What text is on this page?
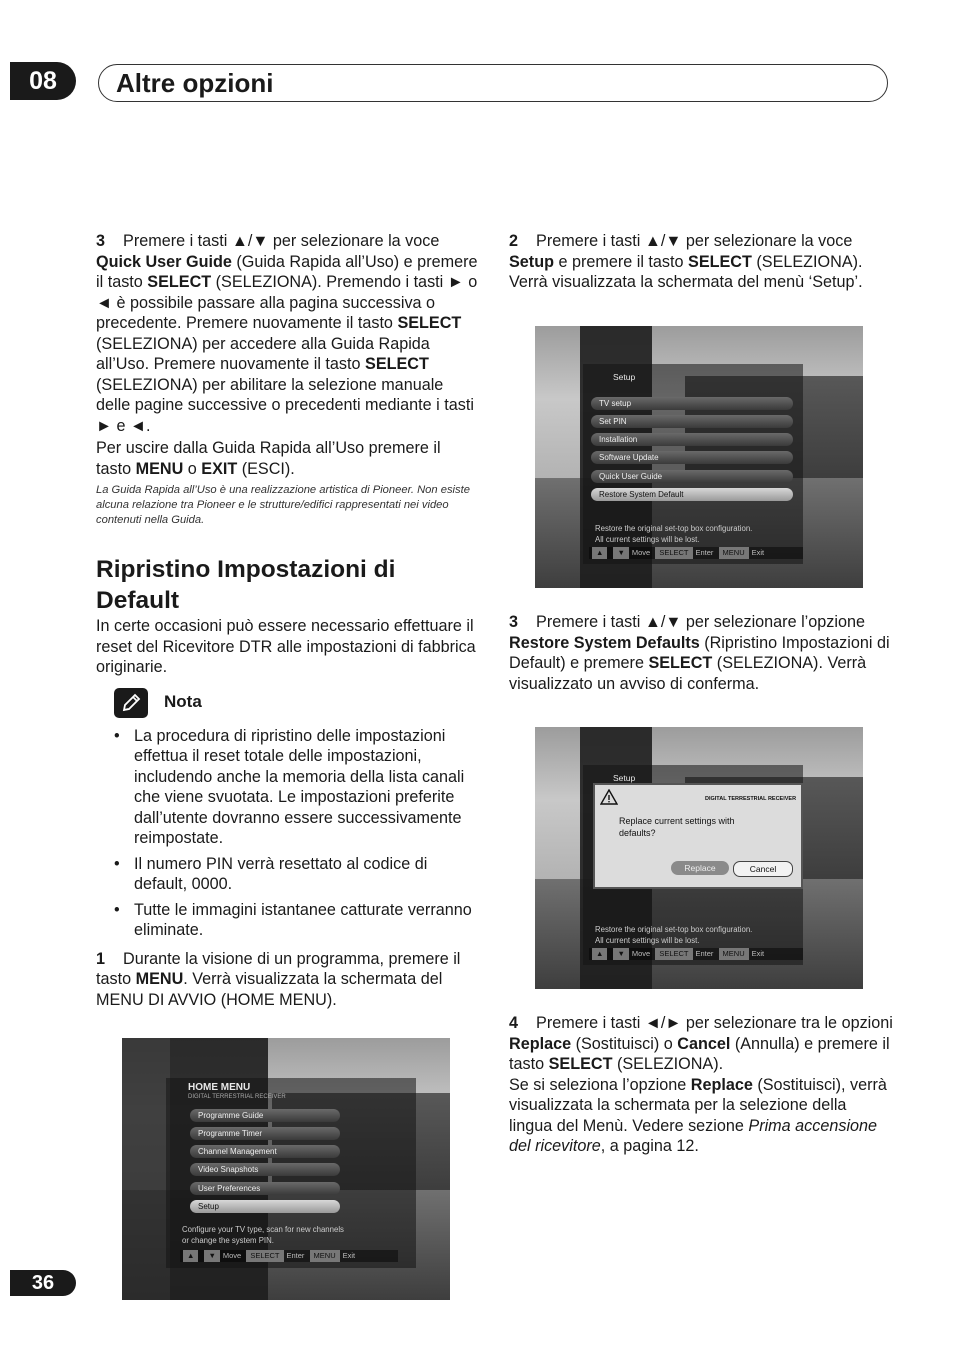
08	Altre opzioni

3 Premere i tasti ▲/▼ per selezionare la voce Quick User Guide (Guida Rapida all’Uso) e premere il tasto SELECT (SELEZIONA). Premendo i tasti ► o ◄ è possibile passare alla pagina successiva o precedente. Premere nuovamente il tasto SELECT (SELEZIONA) per accedere alla Guida Rapida all’Uso. Premere nuovamente il tasto SELECT (SELEZIONA) per abilitare la selezione manuale delle pagine successive o precedenti mediante i tasti ► e ◄.

Per uscire dalla Guida Rapida all’Uso premere il tasto MENU o EXIT (ESCI).

La Guida Rapida all’Uso è una realizzazione artistica di Pioneer. Non esiste alcuna relazione tra Pioneer e le strutture/edifici rappresentati nei video contenuti nella Guida.

Ripristino Impostazioni di Default

In certe occasioni può essere necessario effettuare il reset del Ricevitore DTR alle impostazioni di fabbrica originarie.

Nota
• La procedura di ripristino delle impostazioni effettua il reset totale delle impostazioni, includendo anche la memoria della lista canali che viene svuotata. Le impostazioni preferite dall’utente dovranno essere successivamente reimpostate.
• Il numero PIN verrà resettato al codice di default, 0000.
• Tutte le immagini istantanee catturate verranno eliminate.

1 Durante la visione di un programma, premere il tasto MENU. Verrà visualizzata la schermata del MENU DI AVVIO (HOME MENU).

HOME MENU
DIGITAL TERRESTRIAL RECEIVER
Programme Guide
Programme Timer
Channel Management
Video Snapshots
User Preferences
Setup
Configure your TV type, scan for new channels
or change the system PIN.
▲ ▼ Move SELECT Enter MENU Exit

2 Premere i tasti ▲/▼ per selezionare la voce Setup e premere il tasto SELECT (SELEZIONA). Verrà visualizzata la schermata del menù ‘Setup’.

Setup
TV setup
Set PIN
Installation
Software Update
Quick User Guide
Restore System Default
Restore the original set-top box configuration.
All current settings will be lost.
▲ ▼ Move SELECT Enter MENU Exit

3 Premere i tasti ▲/▼ per selezionare l’opzione Restore System Defaults (Ripristino Impostazioni di Default) e premere SELECT (SELEZIONA). Verrà visualizzato un avviso di conferma.

Setup
DIGITAL TERRESTRIAL RECEIVER
Replace current settings with
defaults?
Replace	Cancel
Restore the original set-top box configuration.
All current settings will be lost.
▲ ▼ Move SELECT Enter MENU Exit

4 Premere i tasti ◄/► per selezionare tra le opzioni Replace (Sostituisci) o Cancel (Annulla) e premere il tasto SELECT (SELEZIONA).

Se si seleziona l’opzione Replace (Sostituisci), verrà visualizzata la schermata per la selezione della lingua del Menù. Vedere sezione Prima accensione del ricevitore, a pagina 12.

36
